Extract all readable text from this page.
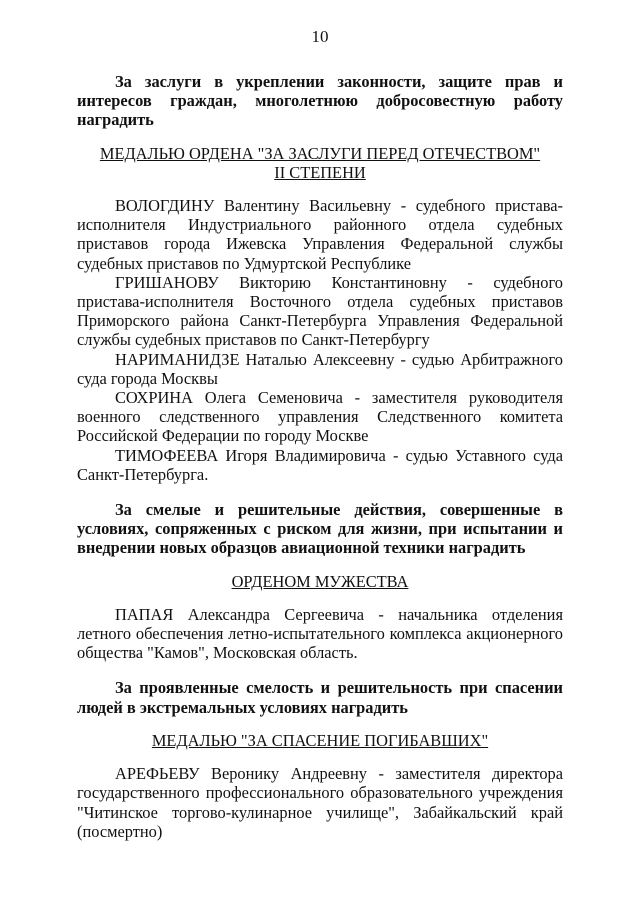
10

За заслуги в укреплении законности, защите прав и интересов граждан, многолетнюю добросовестную работу наградить

МЕДАЛЬЮ ОРДЕНА "ЗА ЗАСЛУГИ ПЕРЕД ОТЕЧЕСТВОМ"

II СТЕПЕНИ

ВОЛОГДИНУ Валентину Васильевну - судебного пристава-исполнителя Индустриального районного отдела судебных приставов города Ижевска Управления Федеральной службы судебных приставов по Удмуртской Республике

ГРИШАНОВУ Викторию Константиновну - судебного пристава-исполнителя Восточного отдела судебных приставов Приморского района Санкт-Петербурга Управления Федеральной службы судебных приставов по Санкт-Петербургу

НАРИМАНИДЗЕ Наталью Алексеевну - судью Арбитражного суда города Москвы

СОХРИНА Олега Семеновича - заместителя руководителя военного следственного управления Следственного комитета Российской Федерации по городу Москве

ТИМОФЕЕВА Игоря Владимировича - судью Уставного суда Санкт-Петербурга.

За смелые и решительные действия, совершенные в условиях, сопряженных с риском для жизни, при испытании и внедрении новых образцов авиационной техники наградить

ОРДЕНОМ МУЖЕСТВА

ПАПАЯ Александра Сергеевича - начальника отделения летного обеспечения летно-испытательного комплекса акционерного общества "Камов", Московская область.

За проявленные смелость и решительность при спасении людей в экстремальных условиях наградить

МЕДАЛЬЮ "ЗА СПАСЕНИЕ ПОГИБАВШИХ"

АРЕФЬЕВУ Веронику Андреевну - заместителя директора государственного профессионального образовательного учреждения "Читинское торгово-кулинарное училище", Забайкальский край (посмертно)
